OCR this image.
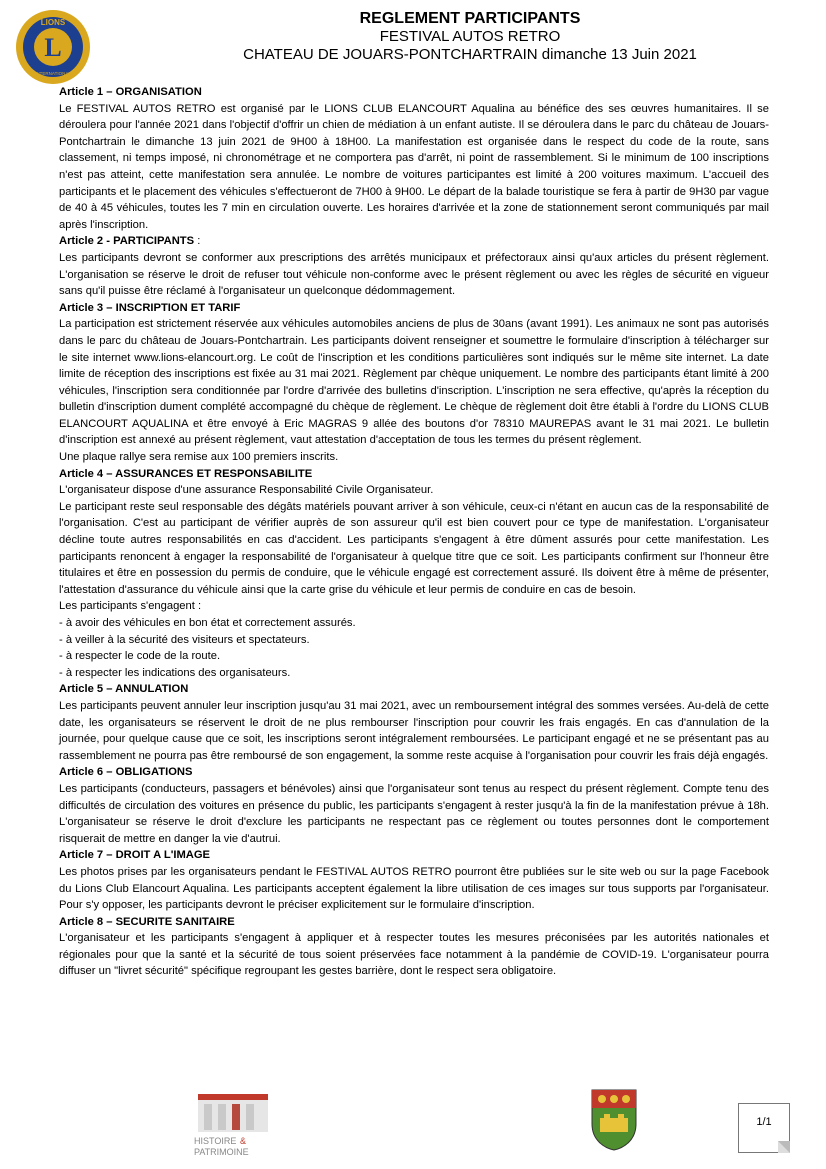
L
LIONS
INTERNATIONAL
REGLEMENT PARTICIPANTS
FESTIVAL AUTOS RETRO
CHATEAU DE JOUARS-PONTCHARTRAIN dimanche 13 Juin 2021
Article 1 – ORGANISATION

Le FESTIVAL AUTOS RETRO est organisé par le LIONS CLUB ELANCOURT Aqualina au bénéfice des ses œuvres humanitaires. Il se déroulera pour l'année 2021 dans l'objectif d'offrir un chien de médiation à un enfant autiste. Il se déroulera dans le parc du château de Jouars-Pontchartrain le dimanche 13 juin 2021 de 9H00 à 18H00. La manifestation est organisée dans le respect du code de la route, sans classement, ni temps imposé, ni chronométrage et ne comportera pas d'arrêt, ni point de rassemblement. Si le minimum de 100 inscriptions n'est pas atteint, cette manifestation sera annulée. Le nombre de voitures participantes est limité à 200 voitures maximum. L'accueil des participants et le placement des véhicules s'effectueront de 7H00 à 9H00. Le départ de la balade touristique se fera à partir de 9H30 par vague de 40 à 45 véhicules, toutes les 7 min en circulation ouverte. Les horaires d'arrivée et la zone de stationnement seront communiqués par mail après l'inscription.

Article 2 - PARTICIPANTS :

Les participants devront se conformer aux prescriptions des arrêtés municipaux et préfectoraux ainsi qu'aux articles du présent règlement. L'organisation se réserve le droit de refuser tout véhicule non-conforme avec le présent règlement ou avec les règles de sécurité en vigueur sans qu'il puisse être réclamé à l'organisateur un quelconque dédommagement.

Article 3 – INSCRIPTION ET TARIF

La participation est strictement réservée aux véhicules automobiles anciens de plus de 30ans (avant 1991). Les animaux ne sont pas autorisés dans le parc du château de Jouars-Pontchartrain. Les participants doivent renseigner et soumettre le formulaire d'inscription à télécharger sur le site internet www.lions-elancourt.org. Le coût de l'inscription et les conditions particulières sont indiqués sur le même site internet. La date limite de réception des inscriptions est fixée au 31 mai 2021. Règlement par chèque uniquement. Le nombre des participants étant limité à 200 véhicules, l'inscription sera conditionnée par l'ordre d'arrivée des bulletins d'inscription. L'inscription ne sera effective, qu'après la réception du bulletin d'inscription dument complété accompagné du chèque de règlement. Le chèque de règlement doit être établi à l'ordre du LIONS CLUB ELANCOURT AQUALINA et être envoyé à Eric MAGRAS 9 allée des boutons d'or 78310 MAUREPAS avant le 31 mai 2021. Le bulletin d'inscription est annexé au présent règlement, vaut attestation d'acceptation de tous les termes du présent règlement.

Une plaque rallye sera remise aux 100 premiers inscrits.

Article 4 – ASSURANCES ET RESPONSABILITE

L'organisateur dispose d'une assurance Responsabilité Civile Organisateur.

Le participant reste seul responsable des dégâts matériels pouvant arriver à son véhicule, ceux-ci n'étant en aucun cas de la responsabilité de l'organisation. C'est au participant de vérifier auprès de son assureur qu'il est bien couvert pour ce type de manifestation. L'organisateur décline toute autres responsabilités en cas d'accident. Les participants s'engagent à être dûment assurés pour cette manifestation. Les participants renoncent à engager la responsabilité de l'organisateur à quelque titre que ce soit. Les participants confirment sur l'honneur être titulaires et être en possession du permis de conduire, que le véhicule engagé est correctement assuré. Ils doivent être à même de présenter, l'attestation d'assurance du véhicule ainsi que la carte grise du véhicule et leur permis de conduire en cas de besoin.

Les participants s'engagent :

- à avoir des véhicules en bon état et correctement assurés.

- à veiller à la sécurité des visiteurs et spectateurs.

- à respecter le code de la route.

- à respecter les indications des organisateurs.

Article 5 – ANNULATION

Les participants peuvent annuler leur inscription jusqu'au 31 mai 2021, avec un remboursement intégral des sommes versées. Au-delà de cette date, les organisateurs se réservent le droit de ne plus rembourser l'inscription pour couvrir les frais engagés. En cas d'annulation de la journée, pour quelque cause que ce soit, les inscriptions seront intégralement remboursées. Le participant engagé et ne se présentant pas au rassemblement ne pourra pas être remboursé de son engagement, la somme reste acquise à l'organisation pour couvrir les frais déjà engagés.

Article 6 – OBLIGATIONS

Les participants (conducteurs, passagers et bénévoles) ainsi que l'organisateur sont tenus au respect du présent règlement. Compte tenu des difficultés de circulation des voitures en présence du public, les participants s'engagent à rester jusqu'à la fin de la manifestation prévue à 18h. L'organisateur se réserve le droit d'exclure les participants ne respectant pas ce règlement ou toutes personnes dont le comportement risquerait de mettre en danger la vie d'autrui.

Article 7 – DROIT A L'IMAGE

Les photos prises par les organisateurs pendant le FESTIVAL AUTOS RETRO pourront être publiées sur le site web ou sur la page Facebook du Lions Club Elancourt Aqualina. Les participants acceptent également la libre utilisation de ces images sur tous supports par l'organisateur. Pour s'y opposer, les participants devront le préciser explicitement sur le formulaire d'inscription.

Article 8 – SECURITE SANITAIRE

L'organisateur et les participants s'engagent à appliquer et à respecter toutes les mesures préconisées par les autorités nationales et régionales pour que la santé et la sécurité de tous soient préservées face notamment à la pandémie de COVID-19. L'organisateur pourra diffuser un "livret sécurité" spécifique regroupant les gestes barrière, dont le respect sera obligatoire.

HISTOIRE &
PATRIMOINE
1/1
